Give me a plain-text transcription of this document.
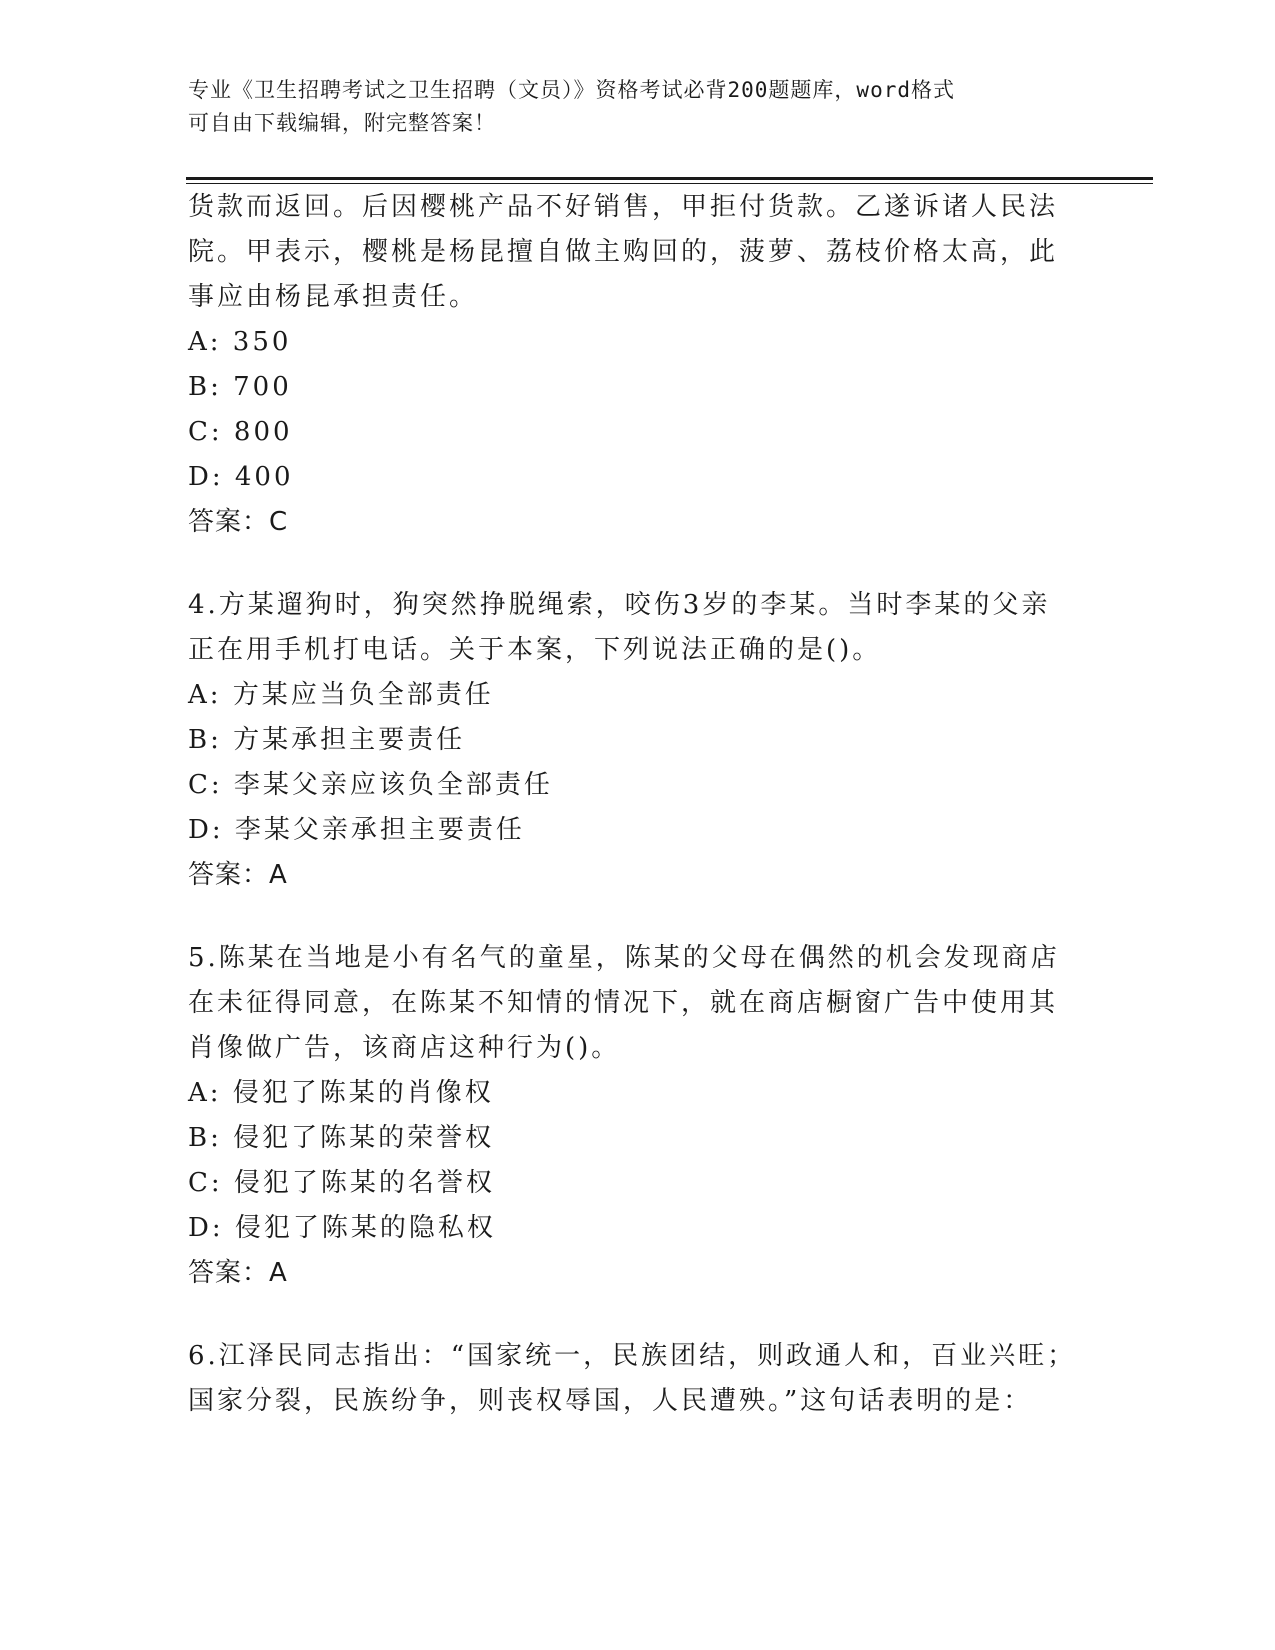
专业《卫生招聘考试之卫生招聘（文员）》资格考试必背200题题库，word格式
可自由下载编辑，附完整答案！
货款而返回。后因樱桃产品不好销售，甲拒付货款。乙遂诉诸人民法
院。甲表示，樱桃是杨昆擅自做主购回的，菠萝、荔枝价格太高，此
事应由杨昆承担责任。
A: 350
B: 700
C: 800
D: 400
答案：C
4.方某遛狗时，狗突然挣脱绳索，咬伤3岁的李某。当时李某的父亲
正在用手机打电话。关于本案，下列说法正确的是()。
A: 方某应当负全部责任
B: 方某承担主要责任
C: 李某父亲应该负全部责任
D: 李某父亲承担主要责任
答案：A
5.陈某在当地是小有名气的童星，陈某的父母在偶然的机会发现商店
在未征得同意，在陈某不知情的情况下，就在商店橱窗广告中使用其
肖像做广告，该商店这种行为()。
A: 侵犯了陈某的肖像权
B: 侵犯了陈某的荣誉权
C: 侵犯了陈某的名誉权
D: 侵犯了陈某的隐私权
答案：A
6.江泽民同志指出：“国家统一，民族团结，则政通人和，百业兴旺；
国家分裂，民族纷争，则丧权辱国，人民遭殃。”这句话表明的是：
